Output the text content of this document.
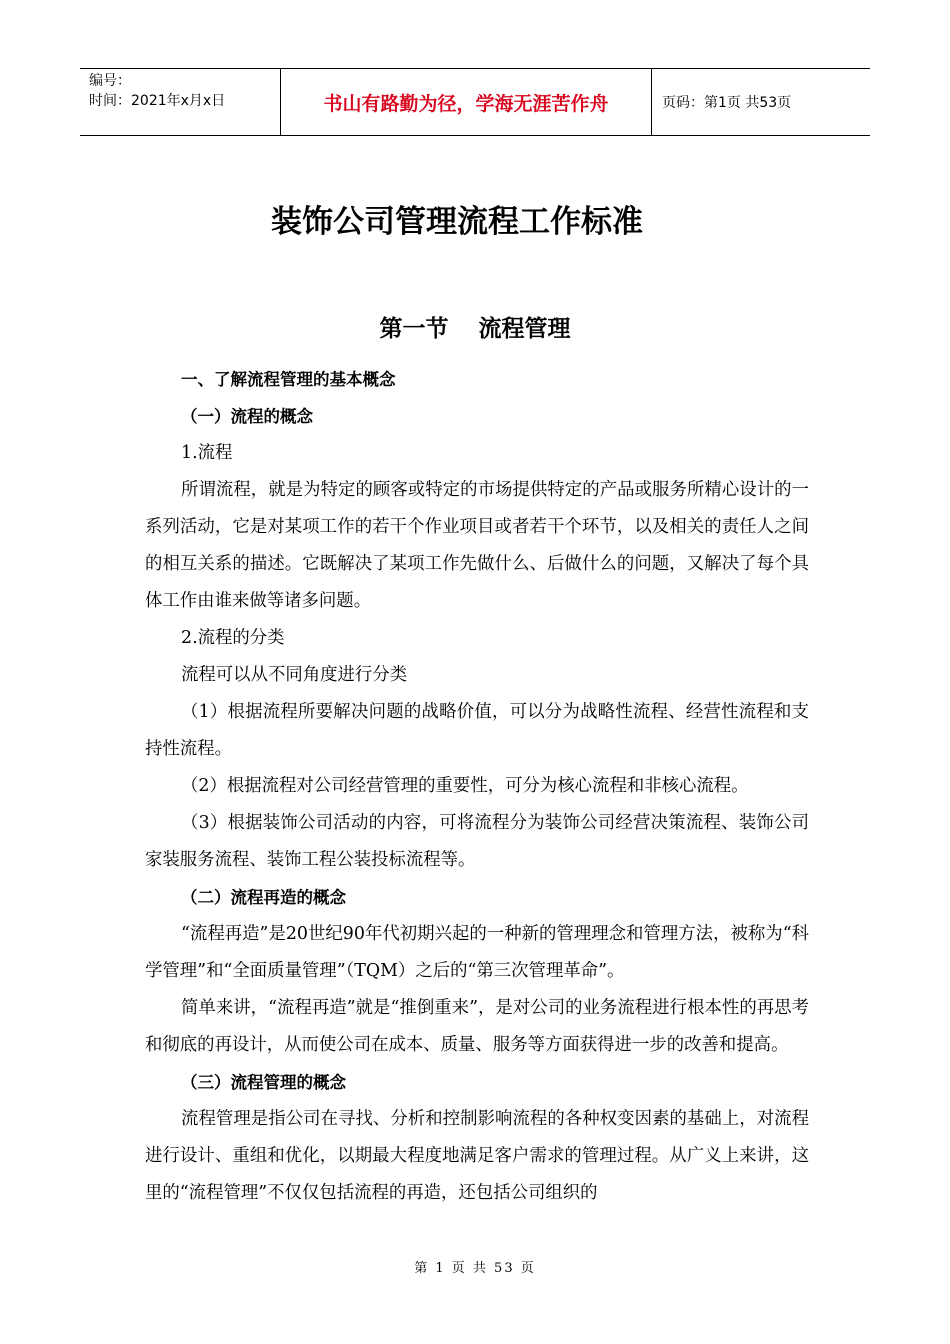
编号：
时间：2021年x月x日	书山有路勤为径，学海无涯苦作舟	页码：第1页 共53页
装饰公司管理流程工作标准
第一节 流程管理

一、了解流程管理的基本概念

（一）流程的概念

1.流程

所谓流程，就是为特定的顾客或特定的市场提供特定的产品或服务所精心设计的一系列活动，它是对某项工作的若干个作业项目或者若干个环节，以及相关的责任人之间的相互关系的描述。它既解决了某项工作先做什么、后做什么的问题，又解决了每个具体工作由谁来做等诸多问题。

2.流程的分类

流程可以从不同角度进行分类

（1）根据流程所要解决问题的战略价值，可以分为战略性流程、经营性流程和支持性流程。

（2）根据流程对公司经营管理的重要性，可分为核心流程和非核心流程。

（3）根据装饰公司活动的内容，可将流程分为装饰公司经营决策流程、装饰公司家装服务流程、装饰工程公装投标流程等。

（二）流程再造的概念

“流程再造”是20世纪90年代初期兴起的一种新的管理理念和管理方法，被称为“科学管理”和“全面质量管理”（TQM）之后的“第三次管理革命”。

简单来讲，“流程再造”就是“推倒重来”，是对公司的业务流程进行根本性的再思考和彻底的再设计，从而使公司在成本、质量、服务等方面获得进一步的改善和提高。

（三）流程管理的概念

流程管理是指公司在寻找、分析和控制影响流程的各种权变因素的基础上，对流程进行设计、重组和优化，以期最大程度地满足客户需求的管理过程。从广义上来讲，这里的“流程管理”不仅仅包括流程的再造，还包括公司组织的

第 1 页 共 53 页
